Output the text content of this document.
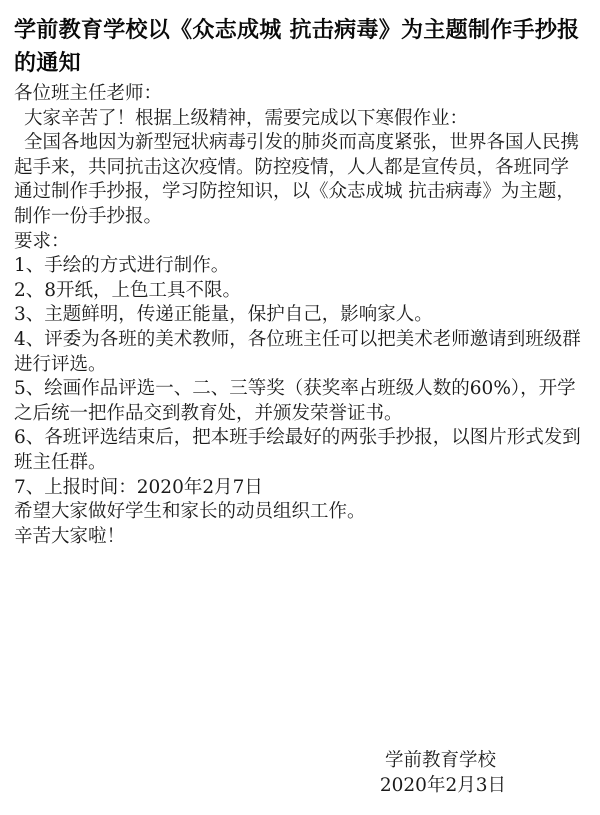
学前教育学校以《众志成城 抗击病毒》为主题制作手抄报的通知

各位班主任老师：

大家辛苦了！根据上级精神，需要完成以下寒假作业：

全国各地因为新型冠状病毒引发的肺炎而高度紧张，世界各国人民携起手来，共同抗击这次疫情。防控疫情，人人都是宣传员，各班同学通过制作手抄报，学习防控知识，以《众志成城 抗击病毒》为主题，制作一份手抄报。

要求：

1、手绘的方式进行制作。

2、8开纸，上色工具不限。

3、主题鲜明，传递正能量，保护自己，影响家人。

4、评委为各班的美术教师，各位班主任可以把美术老师邀请到班级群进行评选。

5、绘画作品评选一、二、三等奖（获奖率占班级人数的60%），开学之后统一把作品交到教育处，并颁发荣誉证书。

6、各班评选结束后，把本班手绘最好的两张手抄报，以图片形式发到班主任群。

7、上报时间：2020年2月7日

希望大家做好学生和家长的动员组织工作。

辛苦大家啦！

学前教育学校

2020年2月3日
